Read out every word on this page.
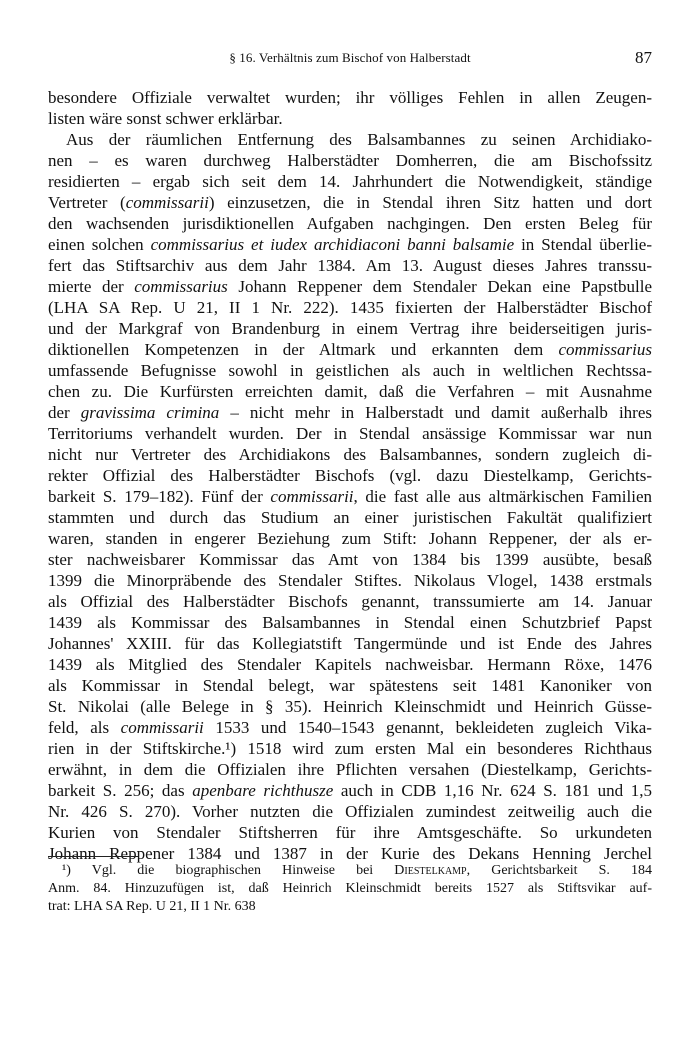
§ 16. Verhältnis zum Bischof von Halberstadt	87

besondere Offiziale verwaltet wurden; ihr völliges Fehlen in allen Zeugen-
listen wäre sonst schwer erklärbar.

Aus der räumlichen Entfernung des Balsambannes zu seinen Archidiako-
nen – es waren durchweg Halberstädter Domherren, die am Bischofssitz
residierten – ergab sich seit dem 14. Jahrhundert die Notwendigkeit, ständige
Vertreter (commissarii) einzusetzen, die in Stendal ihren Sitz hatten und dort
den wachsenden jurisdiktionellen Aufgaben nachgingen. Den ersten Beleg für
einen solchen commissarius et iudex archidiaconi banni balsamie in Stendal überlie-
fert das Stiftsarchiv aus dem Jahr 1384. Am 13. August dieses Jahres transsu-
mierte der commissarius Johann Reppener dem Stendaler Dekan eine Papstbulle
(LHA SA Rep. U 21, II 1 Nr. 222). 1435 fixierten der Halberstädter Bischof
und der Markgraf von Brandenburg in einem Vertrag ihre beiderseitigen juris-
diktionellen Kompetenzen in der Altmark und erkannten dem commissarius
umfassende Befugnisse sowohl in geistlichen als auch in weltlichen Rechtssa-
chen zu. Die Kurfürsten erreichten damit, daß die Verfahren – mit Ausnahme
der gravissima crimina – nicht mehr in Halberstadt und damit außerhalb ihres
Territoriums verhandelt wurden. Der in Stendal ansässige Kommissar war nun
nicht nur Vertreter des Archidiakons des Balsambannes, sondern zugleich di-
rekter Offizial des Halberstädter Bischofs (vgl. dazu Diestelkamp, Gerichts-
barkeit S. 179–182). Fünf der commissarii, die fast alle aus altmärkischen Familien
stammten und durch das Studium an einer juristischen Fakultät qualifiziert
waren, standen in engerer Beziehung zum Stift: Johann Reppener, der als er-
ster nachweisbarer Kommissar das Amt von 1384 bis 1399 ausübte, besaß
1399 die Minorpräbende des Stendaler Stiftes. Nikolaus Vlogel, 1438 erstmals
als Offizial des Halberstädter Bischofs genannt, transsumierte am 14. Januar
1439 als Kommissar des Balsambannes in Stendal einen Schutzbrief Papst
Johannes' XXIII. für das Kollegiatstift Tangermünde und ist Ende des Jahres
1439 als Mitglied des Stendaler Kapitels nachweisbar. Hermann Röxe, 1476
als Kommissar in Stendal belegt, war spätestens seit 1481 Kanoniker von
St. Nikolai (alle Belege in § 35). Heinrich Kleinschmidt und Heinrich Güsse-
feld, als commissarii 1533 und 1540–1543 genannt, bekleideten zugleich Vika-
rien in der Stiftskirche.¹) 1518 wird zum ersten Mal ein besonderes Richthaus
erwähnt, in dem die Offizialen ihre Pflichten versahen (Diestelkamp, Gerichts-
barkeit S. 256; das apenbare richthusze auch in CDB 1,16 Nr. 624 S. 181 und 1,5
Nr. 426 S. 270). Vorher nutzten die Offizialen zumindest zeitweilig auch die
Kurien von Stendaler Stiftsherren für ihre Amtsgeschäfte. So urkundeten
Johann Reppener 1384 und 1387 in der Kurie des Dekans Henning Jerchel

¹) Vgl. die biographischen Hinweise bei Diestelkamp, Gerichtsbarkeit S. 184
Anm. 84. Hinzuzufügen ist, daß Heinrich Kleinschmidt bereits 1527 als Stiftsvikar auf-
trat: LHA SA Rep. U 21, II 1 Nr. 638
